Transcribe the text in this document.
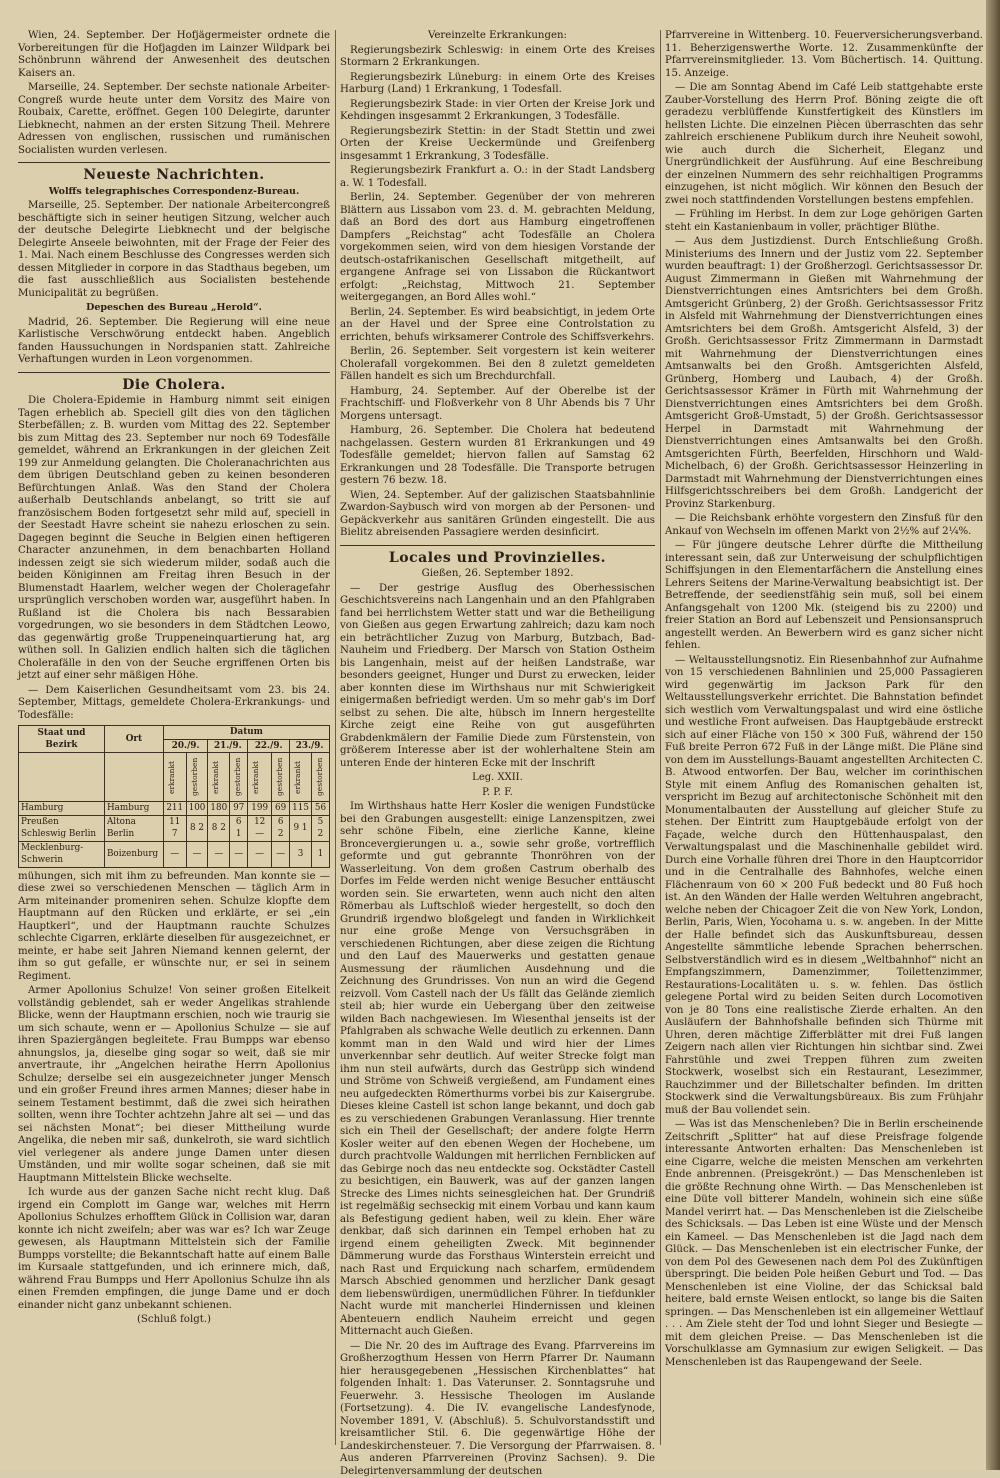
Wien, 24. September. Der Hofjägermeister ordnete die Vorbereitungen für die Hofjagden im Lainzer Wildpark bei Schönbrunn während der Anwesenheit des deutschen Kaisers an.

Marseille, 24. September. Der sechste nationale Arbeiter-Congreß wurde heute unter dem Vorsitz des Maire von Roubaix, Carette, eröffnet. Gegen 100 Delegirte, darunter Liebknecht, nahmen an der ersten Sitzung Theil. Mehrere Adressen von englischen, russischen und rumänischen Socialisten wurden verlesen.

Neueste Nachrichten.

Wolffs telegraphisches Correspondenz-Bureau.

Marseille, 25. September. Der nationale Arbeitercongreß beschäftigte sich in seiner heutigen Sitzung, welcher auch der deutsche Delegirte Liebknecht und der belgische Delegirte Anseele beiwohnten, mit der Frage der Feier des 1. Mai. Nach einem Beschlusse des Congresses werden sich dessen Mitglieder in corpore in das Stadthaus begeben, um die fast ausschließlich aus Socialisten bestehende Municipalität zu begrüßen.

Depeschen des Bureau „Herold“.

Madrid, 26. September. Die Regierung will eine neue Karlistische Verschwörung entdeckt haben. Angeblich fanden Haussuchungen in Nordspanien statt. Zahlreiche Verhaftungen wurden in Leon vorgenommen.

Die Cholera.

Die Cholera-Epidemie in Hamburg nimmt seit einigen Tagen erheblich ab. Speciell gilt dies von den täglichen Sterbefällen; z. B. wurden vom Mittag des 22. September bis zum Mittag des 23. September nur noch 69 Todesfälle gemeldet, während an Erkrankungen in der gleichen Zeit 199 zur Anmeldung gelangten. Die Choleranachrichten aus dem übrigen Deutschland geben zu keinen besonderen Befürchtungen Anlaß. Was den Stand der Cholera außerhalb Deutschlands anbelangt, so tritt sie auf französischem Boden fortgesetzt sehr mild auf, speciell in der Seestadt Havre scheint sie nahezu erloschen zu sein. Dagegen beginnt die Seuche in Belgien einen heftigeren Character anzunehmen, in dem benachbarten Holland indessen zeigt sie sich wiederum milder, sodaß auch die beiden Königinnen am Freitag ihren Besuch in der Blumenstadt Haarlem, welcher wegen der Choleragefahr ursprünglich verschoben worden war, ausgeführt haben. In Rußland ist die Cholera bis nach Bessarabien vorgedrungen, wo sie besonders in dem Städtchen Leowo, das gegenwärtig große Truppeneinquartierung hat, arg wüthen soll. In Galizien endlich halten sich die täglichen Cholerafälle in den von der Seuche ergriffenen Orten bis jetzt auf einer sehr mäßigen Höhe.

— Dem Kaiserlichen Gesundheitsamt vom 23. bis 24. September, Mittags, gemeldete Cholera-Erkrankungs- und Todesfälle:

Staat und Bezirk	Ort	Datum							
		20./9.		21./9.		22./9.		23./9.	

		erkrankt	gestorben	erkrankt	gestorben	erkrankt	gestorben	erkrankt	gestorben

Hamburg	Hamburg	211	100	180	97	199	69	115	56
Preußen Schleswig Berlin	Altona Berlin	11 7	8 2	8 2	6 1	12 —	6 2	9 1	5 2
Mecklenburg-Schwerin	Boizenburg	—	—	—	—	—	—	3	1

mühungen, sich mit ihm zu befreunden. Man konnte sie — diese zwei so verschiedenen Menschen — täglich Arm in Arm miteinander promeniren sehen. Schulze klopfte dem Hauptmann auf den Rücken und erklärte, er sei „ein Hauptkerl“, und der Hauptmann rauchte Schulzes schlechte Cigarren, erklärte dieselben für ausgezeichnet, er meinte, er habe seit Jahren Niemand kennen gelernt, der ihm so gut gefalle, er wünschte nur, er sei in seinem Regiment.

Armer Apollonius Schulze! Von seiner großen Eitelkeit vollständig geblendet, sah er weder Angelikas strahlende Blicke, wenn der Hauptmann erschien, noch wie traurig sie um sich schaute, wenn er — Apollonius Schulze — sie auf ihren Spaziergängen begleitete. Frau Bumpps war ebenso ahnungslos, ja, dieselbe ging sogar so weit, daß sie mir anvertraute, ihr „Angelchen heirathe Herrn Apollonius Schulze; derselbe sei ein ausgezeichneter junger Mensch und ein großer Freund ihres armen Mannes; dieser habe in seinem Testament bestimmt, daß die zwei sich heirathen sollten, wenn ihre Tochter achtzehn Jahre alt sei — und das sei nächsten Monat“; bei dieser Mittheilung wurde Angelika, die neben mir saß, dunkelroth, sie ward sichtlich viel verlegener als andere junge Damen unter diesen Umständen, und mir wollte sogar scheinen, daß sie mit Hauptmann Mittelstein Blicke wechselte.

Ich wurde aus der ganzen Sache nicht recht klug. Daß irgend ein Complott im Gange war, welches mit Herrn Apollonius Schulzes erhofftem Glück in Collision war, daran konnte ich nicht zweifeln; aber was war es? Ich war Zeuge gewesen, als Hauptmann Mittelstein sich der Familie Bumpps vorstellte; die Bekanntschaft hatte auf einem Balle im Kursaale stattgefunden, und ich erinnere mich, daß, während Frau Bumpps und Herr Apollonius Schulze ihn als einen Fremden empfingen, die junge Dame und er doch einander nicht ganz unbekannt schienen.

(Schluß folgt.)

Vereinzelte Erkrankungen:

Regierungsbezirk Schleswig: in einem Orte des Kreises Stormarn 2 Erkrankungen.

Regierungsbezirk Lüneburg: in einem Orte des Kreises Harburg (Land) 1 Erkrankung, 1 Todesfall.

Regierungsbezirk Stade: in vier Orten der Kreise Jork und Kehdingen insgesammt 2 Erkrankungen, 3 Todesfälle.

Regierungsbezirk Stettin: in der Stadt Stettin und zwei Orten der Kreise Ueckermünde und Greifenberg insgesammt 1 Erkrankung, 3 Todesfälle.

Regierungsbezirk Frankfurt a. O.: in der Stadt Landsberg a. W. 1 Todesfall.

Berlin, 24. September. Gegenüber der von mehreren Blättern aus Lissabon vom 23. d. M. gebrachten Meldung, daß an Bord des dort aus Hamburg eingetroffenen Dampfers „Reichstag“ acht Todesfälle an Cholera vorgekommen seien, wird von dem hiesigen Vorstande der deutsch-ostafrikanischen Gesellschaft mitgetheilt, auf ergangene Anfrage sei von Lissabon die Rückantwort erfolgt: „Reichstag, Mittwoch 21. September weitergegangen, an Bord Alles wohl.“

Berlin, 24. September. Es wird beabsichtigt, in jedem Orte an der Havel und der Spree eine Controlstation zu errichten, behufs wirksamerer Controle des Schiffsverkehrs.

Berlin, 26. September. Seit vorgestern ist kein weiterer Cholerafall vorgekommen. Bei den 8 zuletzt gemeldeten Fällen handelt es sich um Brechdurchfall.

Hamburg, 24. September. Auf der Oberelbe ist der Frachtschiff- und Floßverkehr von 8 Uhr Abends bis 7 Uhr Morgens untersagt.

Hamburg, 26. September. Die Cholera hat bedeutend nachgelassen. Gestern wurden 81 Erkrankungen und 49 Todesfälle gemeldet; hiervon fallen auf Samstag 62 Erkrankungen und 28 Todesfälle. Die Transporte betrugen gestern 76 bezw. 18.

Wien, 24. September. Auf der galizischen Staatsbahnlinie Zwardon-Saybusch wird von morgen ab der Personen- und Gepäckverkehr aus sanitären Gründen eingestellt. Die aus Bielitz abreisenden Passagiere werden desinficirt.

Locales und Provinzielles.

Gießen, 26. September 1892.

— Der gestrige Ausflug des Oberhessischen Geschichtsvereins nach Langenhain und an den Pfahlgraben fand bei herrlichstem Wetter statt und war die Betheiligung von Gießen aus gegen Erwartung zahlreich; dazu kam noch ein beträchtlicher Zuzug von Marburg, Butzbach, Bad-Nauheim und Friedberg. Der Marsch von Station Ostheim bis Langenhain, meist auf der heißen Landstraße, war besonders geeignet, Hunger und Durst zu erwecken, leider aber konnten diese im Wirthshaus nur mit Schwierigkeit einigermaßen befriedigt werden. Um so mehr gab's im Dorf selbst zu sehen. Die alte, hübsch im Innern hergestellte Kirche zeigt eine Reihe von gut ausgeführten Grabdenkmälern der Familie Diede zum Fürstenstein, von größerem Interesse aber ist der wohlerhaltene Stein am unteren Ende der hinteren Ecke mit der Inschrift

Leg. XXII.

P. P. F.

Im Wirthshaus hatte Herr Kosler die wenigen Fundstücke bei den Grabungen ausgestellt: einige Lanzenspitzen, zwei sehr schöne Fibeln, eine zierliche Kanne, kleine Broncevergierungen u. a., sowie sehr große, vortrefflich geformte und gut gebrannte Thonröhren von der Wasserleitung. Von dem großen Castrum oberhalb des Dorfes im Felde werden nicht wenige Besucher enttäuscht worden sein. Sie erwarteten, wenn auch nicht den alten Römerbau als Luftschloß wieder hergestellt, so doch den Grundriß irgendwo bloßgelegt und fanden in Wirklichkeit nur eine große Menge von Versuchsgräben in verschiedenen Richtungen, aber diese zeigen die Richtung und den Lauf des Mauerwerks und gestatten genaue Ausmessung der räumlichen Ausdehnung und die Zeichnung des Grundrisses. Von nun an wird die Gegend reizvoll. Vom Castell nach der Us fällt das Gelände ziemlich steil ab; hier wurde ein Uebergang über den zeitweise wilden Bach nachgewiesen. Im Wiesenthal jenseits ist der Pfahlgraben als schwache Welle deutlich zu erkennen. Dann kommt man in den Wald und wird hier der Limes unverkennbar sehr deutlich. Auf weiter Strecke folgt man ihm nun steil aufwärts, durch das Gestrüpp sich windend und Ströme von Schweiß vergießend, am Fundament eines neu aufgedeckten Römerthurms vorbei bis zur Kaisergrube. Dieses kleine Castell ist schon lange bekannt, und doch gab es zu verschiedenen Grabungen Veranlassung. Hier trennte sich ein Theil der Gesellschaft; der andere folgte Herrn Kosler weiter auf den ebenen Wegen der Hochebene, um durch prachtvolle Waldungen mit herrlichen Fernblicken auf das Gebirge noch das neu entdeckte sog. Ockstädter Castell zu besichtigen, ein Bauwerk, was auf der ganzen langen Strecke des Limes nichts seinesgleichen hat. Der Grundriß ist regelmäßig sechseckig mit einem Vorbau und kann kaum als Befestigung gedient haben, weil zu klein. Eher wäre denkbar, daß sich darinnen ein Tempel erhoben hat zu irgend einem geheiligten Zweck. Mit beginnender Dämmerung wurde das Forsthaus Winterstein erreicht und nach Rast und Erquickung nach scharfem, ermüdendem Marsch Abschied genommen und herzlicher Dank gesagt dem liebenswürdigen, unermüdlichen Führer. In tiefdunkler Nacht wurde mit mancherlei Hindernissen und kleinen Abenteuern endlich Nauheim erreicht und gegen Mitternacht auch Gießen.

— Die Nr. 20 des im Auftrage des Evang. Pfarrvereins im Großherzogthum Hessen von Herrn Pfarrer Dr. Naumann hier herausgegebenen „Hessischen Kirchenblattes“ hat folgenden Inhalt: 1. Das Vaterunser. 2. Sonntagsruhe und Feuerwehr. 3. Hessische Theologen im Auslande (Fortsetzung). 4. Die IV. evangelische Landesfynode, November 1891, V. (Abschluß). 5. Schulvorstandsstift und kreisamtlicher Stil. 6. Die gegenwärtige Höhe der Landeskirchensteuer. 7. Die Versorgung der Pfarrwaisen. 8. Aus anderen Pfarrvereinen (Provinz Sachsen). 9. Die Delegirtenversammlung der deutschen

Pfarrvereine in Wittenberg. 10. Feuerversicherungsverband. 11. Beherzigenswerthe Worte. 12. Zusammenkünfte der Pfarrvereinsmitglieder. 13. Vom Büchertisch. 14. Quittung. 15. Anzeige.

— Die am Sonntag Abend im Café Leib stattgehabte erste Zauber-Vorstellung des Herrn Prof. Böning zeigte die oft geradezu verblüffende Kunstfertigkeit des Künstlers im hellsten Lichte. Die einzelnen Piècen überraschten das sehr zahlreich erschienene Publikum durch ihre Neuheit sowohl, wie auch durch die Sicherheit, Eleganz und Unergründlichkeit der Ausführung. Auf eine Beschreibung der einzelnen Nummern des sehr reichhaltigen Programms einzugehen, ist nicht möglich. Wir können den Besuch der zwei noch stattfindenden Vorstellungen bestens empfehlen.

— Frühling im Herbst. In dem zur Loge gehörigen Garten steht ein Kastanienbaum in voller, prächtiger Blüthe.

— Aus dem Justizdienst. Durch Entschließung Großh. Ministeriums des Innern und der Justiz vom 22. September wurden beauftragt: 1) der Großherzogl. Gerichtsassessor Dr. August Zimmermann in Gießen mit Wahrnehmung der Dienstverrichtungen eines Amtsrichters bei dem Großh. Amtsgericht Grünberg, 2) der Großh. Gerichtsassessor Fritz in Alsfeld mit Wahrnehmung der Dienstverrichtungen eines Amtsrichters bei dem Großh. Amtsgericht Alsfeld, 3) der Großh. Gerichtsassessor Fritz Zimmermann in Darmstadt mit Wahrnehmung der Dienstverrichtungen eines Amtsanwalts bei den Großh. Amtsgerichten Alsfeld, Grünberg, Homberg und Laubach, 4) der Großh. Gerichtsassessor Krämer in Fürth mit Wahrnehmung der Dienstverrichtungen eines Amtsrichters bei dem Großh. Amtsgericht Groß-Umstadt, 5) der Großh. Gerichtsassessor Herpel in Darmstadt mit Wahrnehmung der Dienstverrichtungen eines Amtsanwalts bei den Großh. Amtsgerichten Fürth, Beerfelden, Hirschhorn und Wald-Michelbach, 6) der Großh. Gerichtsassessor Heinzerling in Darmstadt mit Wahrnehmung der Dienstverrichtungen eines Hilfsgerichtsschreibers bei dem Großh. Landgericht der Provinz Starkenburg.

— Die Reichsbank erhöhte vorgestern den Zinsfuß für den Ankauf von Wechseln im offenen Markt von 2½% auf 2¼%.

— Für jüngere deutsche Lehrer dürfte die Mittheilung interessant sein, daß zur Unterweisung der schulpflichtigen Schiffsjungen in den Elementarfächern die Anstellung eines Lehrers Seitens der Marine-Verwaltung beabsichtigt ist. Der Betreffende, der seedienstfähig sein muß, soll bei einem Anfangsgehalt von 1200 Mk. (steigend bis zu 2200) und freier Station an Bord auf Lebenszeit und Pensionsanspruch angestellt werden. An Bewerbern wird es ganz sicher nicht fehlen.

— Weltausstellungsnotiz. Ein Riesenbahnhof zur Aufnahme von 15 verschiedenen Bahnlinien und 25,000 Passagieren wird gegenwärtig im Jackson Park für den Weltausstellungsverkehr errichtet. Die Bahnstation befindet sich westlich vom Verwaltungspalast und wird eine östliche und westliche Front aufweisen. Das Hauptgebäude erstreckt sich auf einer Fläche von 150 × 300 Fuß, während der 150 Fuß breite Perron 672 Fuß in der Länge mißt. Die Pläne sind von dem im Ausstellungs-Bauamt angestellten Architecten C. B. Atwood entworfen. Der Bau, welcher im corinthischen Style mit einem Anflug des Romanischen gehalten ist, verspricht im Bezug auf architectonische Schönheit mit den Monumentalbauten der Ausstellung auf gleicher Stufe zu stehen. Der Eintritt zum Hauptgebäude erfolgt von der Façade, welche durch den Hüttenhauspalast, den Verwaltungspalast und die Maschinenhalle gebildet wird. Durch eine Vorhalle führen drei Thore in den Hauptcorridor und in die Centralhalle des Bahnhofes, welche einen Flächenraum von 60 × 200 Fuß bedeckt und 80 Fuß hoch ist. An den Wänden der Halle werden Weltuhren angebracht, welche neben der Chicagoer Zeit die von New York, London, Berlin, Paris, Wien, Yocohama u. s. w. angeben. In der Mitte der Halle befindet sich das Auskunftsbureau, dessen Angestellte sämmtliche lebende Sprachen beherrschen. Selbstverständlich wird es in diesem „Weltbahnhof“ nicht an Empfangszimmern, Damenzimmer, Toilettenzimmer, Restaurations-Localitäten u. s. w. fehlen. Das östlich gelegene Portal wird zu beiden Seiten durch Locomotiven von je 80 Tons eine realistische Zierde erhalten. An den Ausläufern der Bahnhofshalle befinden sich Thürme mit Uhren, deren mächtige Zifferblätter mit drei Fuß langen Zeigern nach allen vier Richtungen hin sichtbar sind. Zwei Fahrstühle und zwei Treppen führen zum zweiten Stockwerk, woselbst sich ein Restaurant, Lesezimmer, Rauchzimmer und der Billetschalter befinden. Im dritten Stockwerk sind die Verwaltungsbüreaux. Bis zum Frühjahr muß der Bau vollendet sein.

— Was ist das Menschenleben? Die in Berlin erscheinende Zeitschrift „Splitter“ hat auf diese Preisfrage folgende interessante Antworten erhalten: Das Menschenleben ist eine Cigarre, welche die meisten Menschen am verkehrten Ende anbrennen. (Preisgekrönt.) — Das Menschenleben ist die größte Rechnung ohne Wirth. — Das Menschenleben ist eine Düte voll bitterer Mandeln, wohinein sich eine süße Mandel verirrt hat. — Das Menschenleben ist die Zielscheibe des Schicksals. — Das Leben ist eine Wüste und der Mensch ein Kameel. — Das Menschenleben ist die Jagd nach dem Glück. — Das Menschenleben ist ein electrischer Funke, der von dem Pol des Gewesenen nach dem Pol des Zukünftigen überspringt. Die beiden Pole heißen Geburt und Tod. — Das Menschenleben ist eine Violine, der das Schicksal bald heitere, bald ernste Weisen entlockt, so lange bis die Saiten springen. — Das Menschenleben ist ein allgemeiner Wettlauf . . . Am Ziele steht der Tod und lohnt Sieger und Besiegte — mit dem gleichen Preise. — Das Menschenleben ist die Vorschulklasse am Gymnasium zur ewigen Seligkeit. — Das Menschenleben ist das Raupengewand der Seele.
